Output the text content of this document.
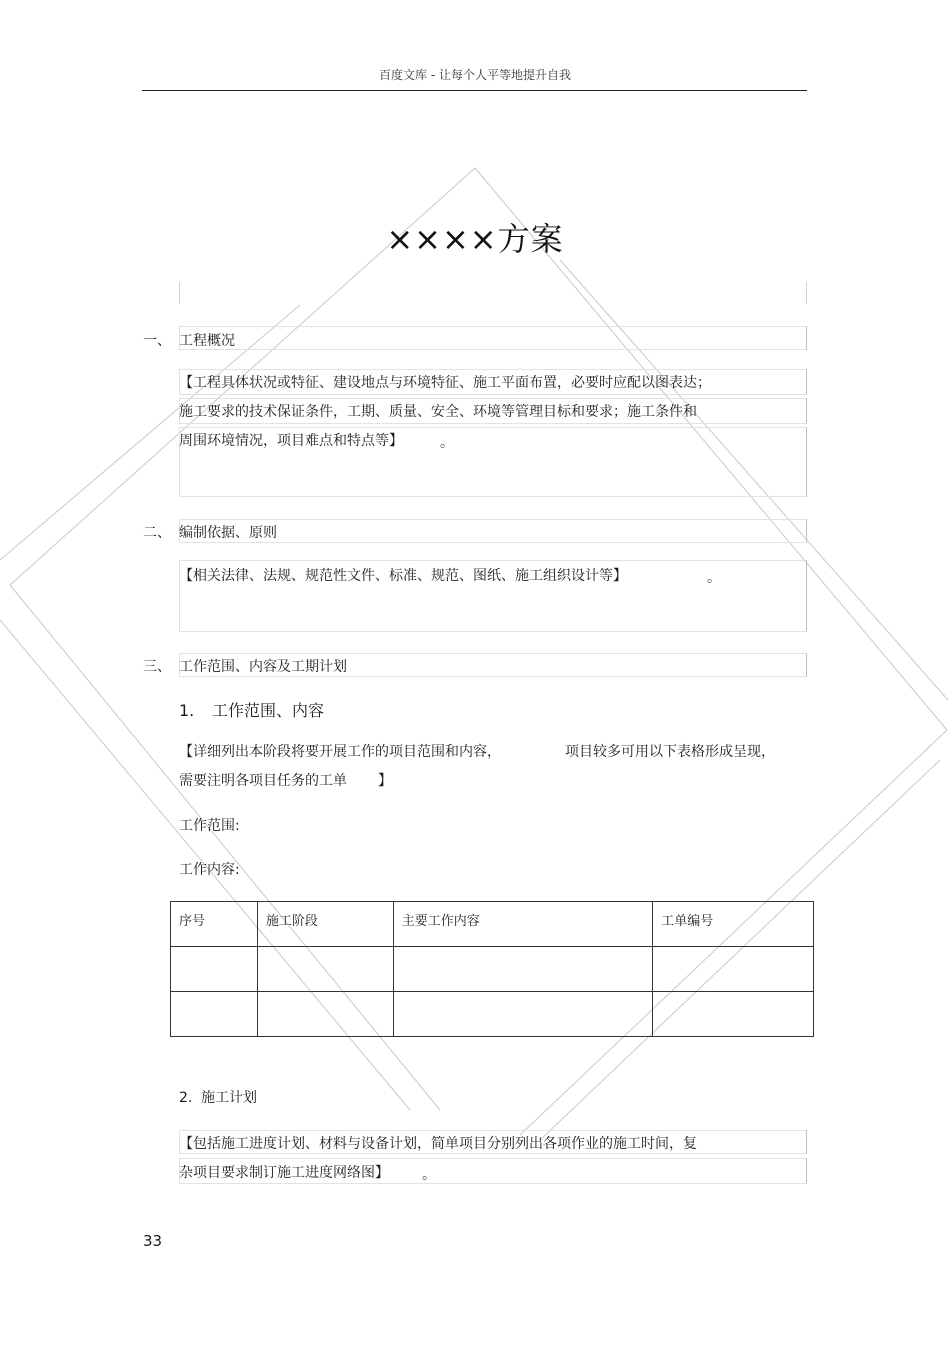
百度文库 - 让每个人平等地提升自我
××××方案
一、 工程概况
【工程具体状况或特征、建设地点与环境特征、施工平面布置，必要时应配以图表达；
施工要求的技术保证条件，工期、质量、安全、环境等管理目标和要求；施工条件和
周围环境情况，项目难点和特点等】	。
二、 编制依据、原则
【相关法律、法规、规范性文件、标准、规范、图纸、施工组织设计等】	。
三、 工作范围、内容及工期计划
1. 工作范围、内容
【详细列出本阶段将要开展工作的项目范围和内容，	项目较多可用以下表格形成呈现，
需要注明各项目任务的工单 】
工作范围:
工作内容:
序号	施工阶段	主要工作内容	工单编号

2. 施工计划
【包括施工进度计划、材料与设备计划，简单项目分别列出各项作业的施工时间，复
杂项目要求制订施工进度网络图】 。
33
